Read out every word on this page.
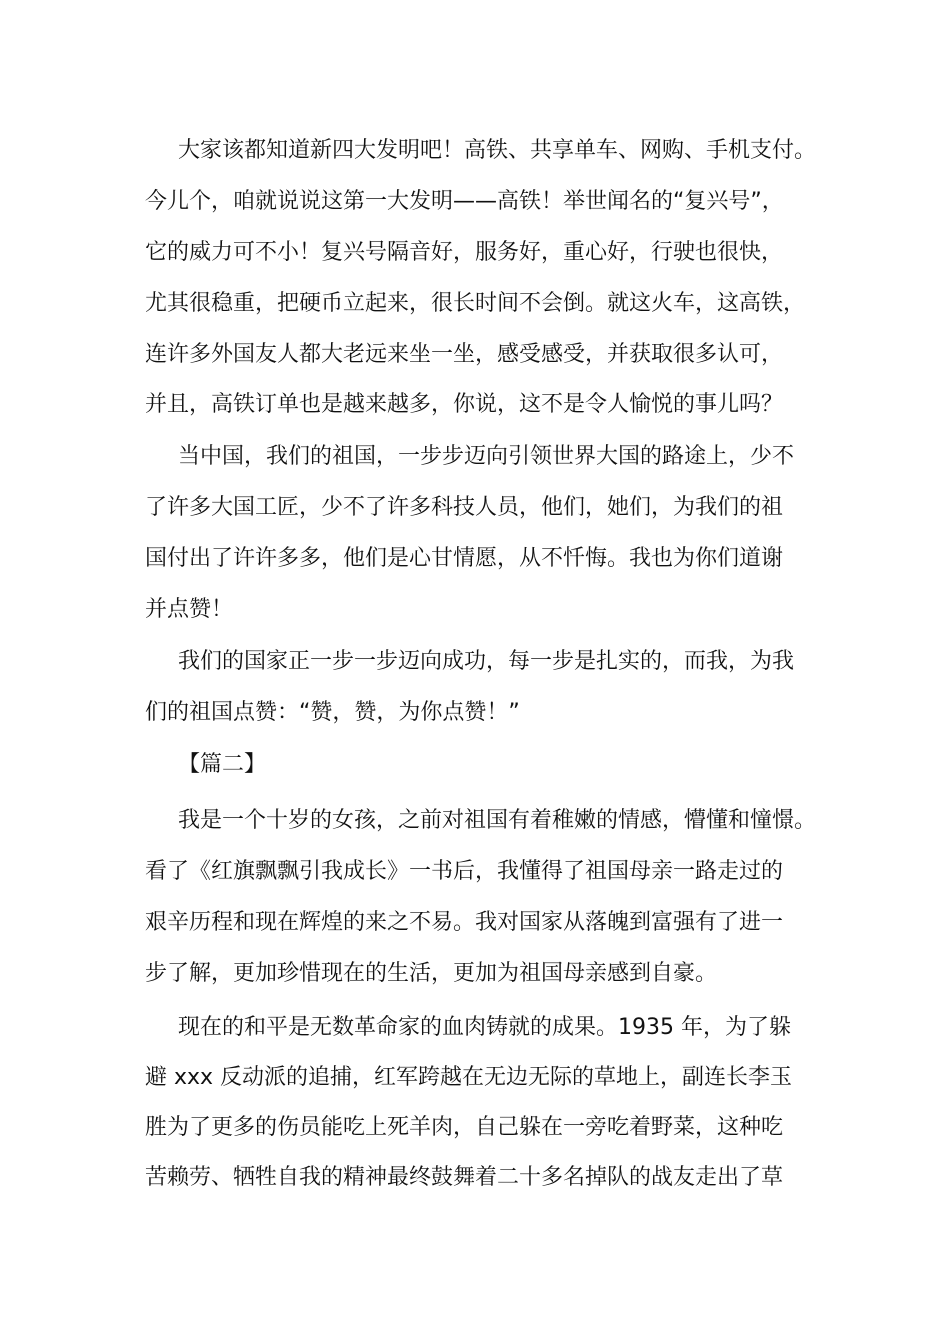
大家该都知道新四大发明吧！高铁、共享单车、网购、手机支付。
今儿个，咱就说说这第一大发明——高铁！举世闻名的“复兴号”，
它的威力可不小！复兴号隔音好，服务好，重心好，行驶也很快，
尤其很稳重，把硬币立起来，很长时间不会倒。就这火车，这高铁，
连许多外国友人都大老远来坐一坐，感受感受，并获取很多认可，
并且，高铁订单也是越来越多，你说，这不是令人愉悦的事儿吗？
当中国，我们的祖国，一步步迈向引领世界大国的路途上，少不
了许多大国工匠，少不了许多科技人员，他们，她们，为我们的祖
国付出了许许多多，他们是心甘情愿，从不忏悔。我也为你们道谢
并点赞！
我们的国家正一步一步迈向成功，每一步是扎实的，而我，为我
们的祖国点赞：“赞，赞，为你点赞！”
【篇二】
我是一个十岁的女孩，之前对祖国有着稚嫩的情感，懵懂和憧憬。
看了《红旗飘飘引我成长》一书后，我懂得了祖国母亲一路走过的
艰辛历程和现在辉煌的来之不易。我对国家从落魄到富强有了进一
步了解，更加珍惜现在的生活，更加为祖国母亲感到自豪。
现在的和平是无数革命家的血肉铸就的成果。1935 年，为了躲
避 xxx 反动派的追捕，红军跨越在无边无际的草地上，副连长李玉
胜为了更多的伤员能吃上死羊肉，自己躲在一旁吃着野菜，这种吃
苦赖劳、牺牲自我的精神最终鼓舞着二十多名掉队的战友走出了草
